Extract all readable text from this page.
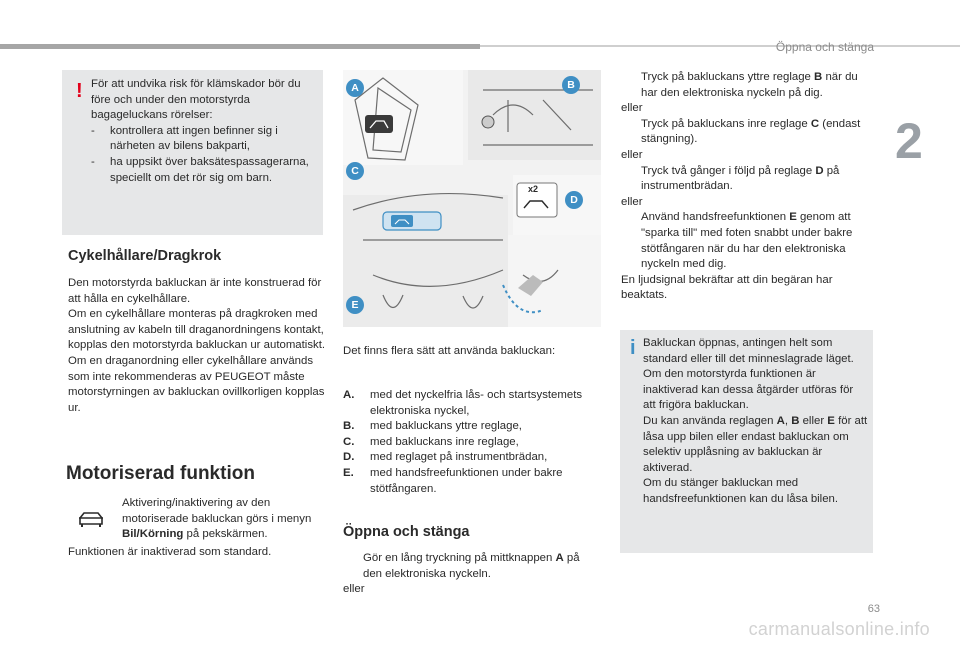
Öppna och stänga
2
! För att undvika risk för klämskador bör du före och under den motorstyrda bagageluckans rörelser:
- kontrollera att ingen befinner sig i närheten av bilens bakparti,
- ha uppsikt över baksätespassagerarna, speciellt om det rör sig om barn.
Cykelhållare/Dragkrok
Den motorstyrda bakluckan är inte konstruerad för att hålla en cykelhållare.
Om en cykelhållare monteras på dragkroken med anslutning av kabeln till draganordningens kontakt, kopplas den motorstyrda bakluckan ur automatiskt.
Om en draganordning eller cykelhållare används som inte rekommenderas av PEUGEOT måste motorstyrningen av bakluckan ovillkorligen kopplas ur.
Motoriserad funktion
Aktivering/inaktivering av den motoriserade bakluckan görs i menyn Bil/Körning på pekskärmen.
Funktionen är inaktiverad som standard.
A	B
C
D
E
x2
Det finns flera sätt att använda bakluckan:
A. med det nyckelfria lås- och startsystemets elektroniska nyckel,
B. med bakluckans yttre reglage,
C. med bakluckans inre reglage,
D. med reglaget på instrumentbrädan,
E. med handsfreefunktionen under bakre stötfångaren.
Öppna och stänga
Gör en lång tryckning på mittknappen A på den elektroniska nyckeln.
eller
Tryck på bakluckans yttre reglage B när du har den elektroniska nyckeln på dig.
eller
Tryck på bakluckans inre reglage C (endast stängning).
eller
Tryck två gånger i följd på reglage D på instrumentbrädan.
eller
Använd handsfreefunktionen E genom att "sparka till" med foten snabbt under bakre stötfångaren när du har den elektroniska nyckeln med dig.
En ljudsignal bekräftar att din begäran har beaktats.
i Bakluckan öppnas, antingen helt som standard eller till det minneslagrade läget.
Om den motorstyrda funktionen är inaktiverad kan dessa åtgärder utföras för att frigöra bakluckan.
Du kan använda reglagen A, B eller E för att låsa upp bilen eller endast bakluckan om selektiv upplåsning av bakluckan är aktiverad.
Om du stänger bakluckan med handsfreefunktionen kan du låsa bilen.
63
carmanualsonline.info
